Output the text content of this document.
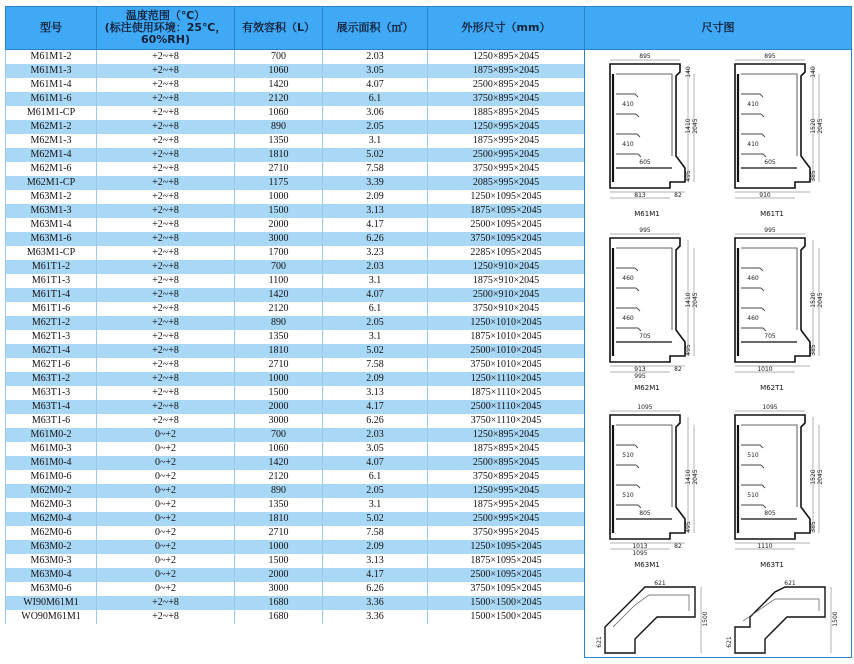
型号	温度范围（℃）
(标注使用环境：25℃，
60%RH)	有效容积（L）	展示面积（㎡）	外形尺寸（mm）
M61M1-2	+2~+8	700	2.03	1250×895×2045
M61M1-3	+2~+8	1060	3.05	1875×895×2045
M61M1-4	+2~+8	1420	4.07	2500×895×2045
M61M1-6	+2~+8	2120	6.1	3750×895×2045
M61M1-CP	+2~+8	1060	3.06	1885×895×2045
M62M1-2	+2~+8	890	2.05	1250×995×2045
M62M1-3	+2~+8	1350	3.1	1875×995×2045
M62M1-4	+2~+8	1810	5.02	2500×995×2045
M62M1-6	+2~+8	2710	7.58	3750×995×2045
M62M1-CP	+2~+8	1175	3.39	2085×995×2045
M63M1-2	+2~+8	1000	2.09	1250×1095×2045
M63M1-3	+2~+8	1500	3.13	1875×1095×2045
M63M1-4	+2~+8	2000	4.17	2500×1095×2045
M63M1-6	+2~+8	3000	6.26	3750×1095×2045
M63M1-CP	+2~+8	1700	3.23	2285×1095×2045
M61T1-2	+2~+8	700	2.03	1250×910×2045
M61T1-3	+2~+8	1100	3.1	1875×910×2045
M61T1-4	+2~+8	1420	4.07	2500×910×2045
M61T1-6	+2~+8	2120	6.1	3750×910×2045
M62T1-2	+2~+8	890	2.05	1250×1010×2045
M62T1-3	+2~+8	1350	3.1	1875×1010×2045
M62T1-4	+2~+8	1810	5.02	2500×1010×2045
M62T1-6	+2~+8	2710	7.58	3750×1010×2045
M63T1-2	+2~+8	1000	2.09	1250×1110×2045
M63T1-3	+2~+8	1500	3.13	1875×1110×2045
M63T1-4	+2~+8	2000	4.17	2500×1110×2045
M63T1-6	+2~+8	3000	6.26	3750×1110×2045
M61M0-2	0~+2	700	2.03	1250×895×2045
M61M0-3	0~+2	1060	3.05	1875×895×2045
M61M0-4	0~+2	1420	4.07	2500×895×2045
M61M0-6	0~+2	2120	6.1	3750×895×2045
M62M0-2	0~+2	890	2.05	1250×995×2045
M62M0-3	0~+2	1350	3.1	1875×995×2045
M62M0-4	0~+2	1810	5.02	2500×995×2045
M62M0-6	0~+2	2710	7.58	3750×995×2045
M63M0-2	0~+2	1000	2.09	1250×1095×2045
M63M0-3	0~+2	1500	3.13	1875×1095×2045
M63M0-4	0~+2	2000	4.17	2500×1095×2045
M63M0-6	0~+2	3000	6.26	3750×1095×2045
WI90M61M1	+2~+8	1680	3.36	1500×1500×2045
WO90M61M1	+2~+8	1680	3.36	1500×1500×2045
尺寸图
895
410
410
605
1410 2045
495
140
813	82
M61M1
895
410
410
605
1520 2045
385
140
910
M61T1
995
460
460
705
1410 2045
495
913	82
995
M62M1
995
460
460
705
1520 2045
385
1010
M62T1
1095
510
510
805
1410 2045
495
1013	82
1095
M63M1
1095
510
510
805
1520 2045
385
1110
M63T1
621
1500
621
621
1500
621
